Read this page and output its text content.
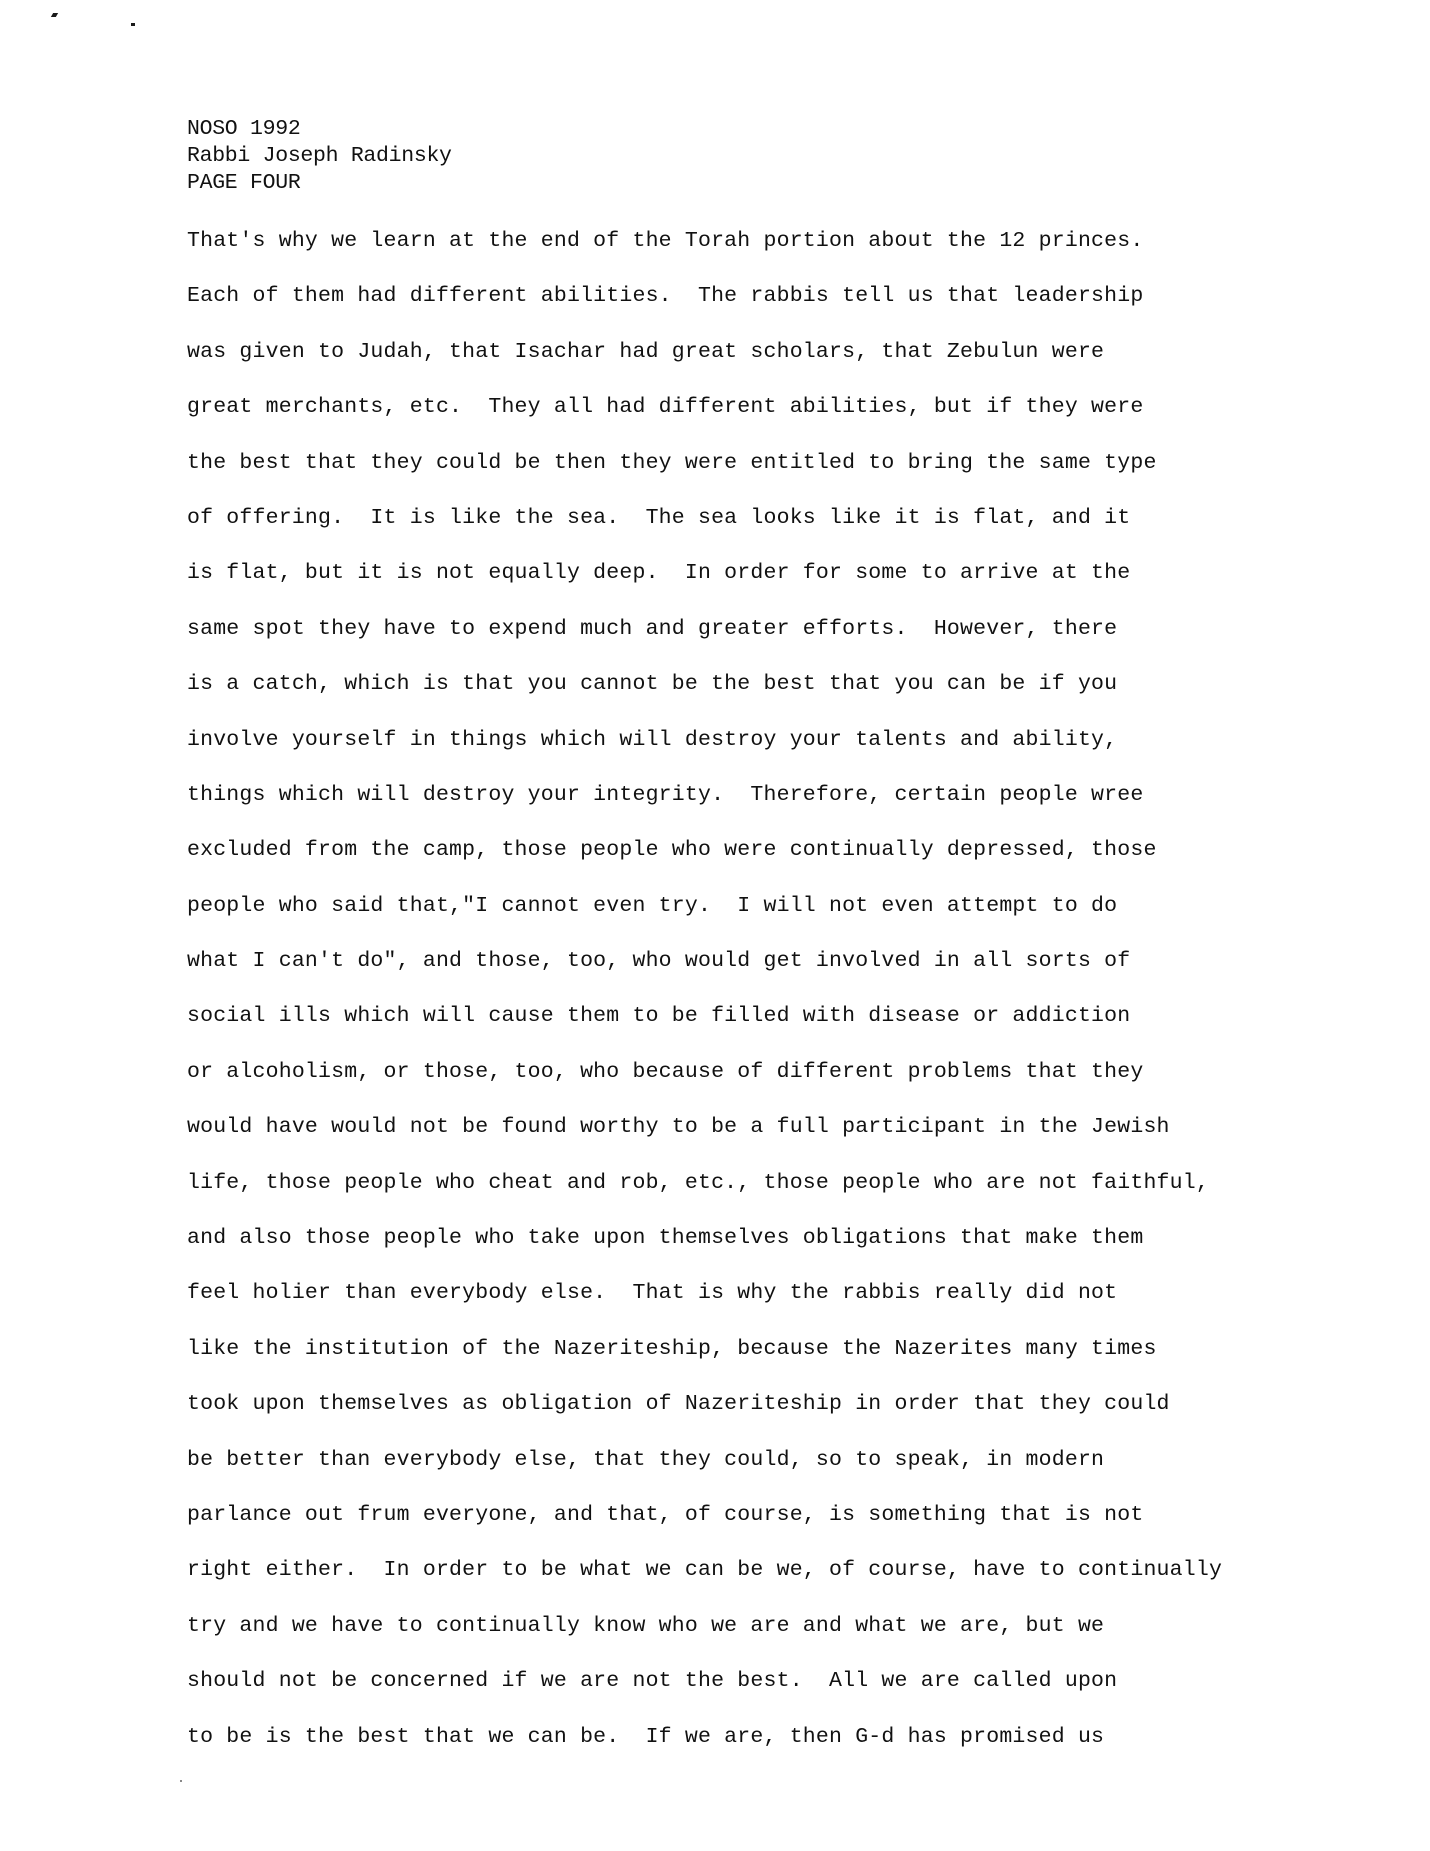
NOSO 1992
Rabbi Joseph Radinsky
PAGE FOUR
That's why we learn at the end of the Torah portion about the 12 princes.
Each of them had different abilities.  The rabbis tell us that leadership
was given to Judah, that Isachar had great scholars, that Zebulun were
great merchants, etc.  They all had different abilities, but if they were
the best that they could be then they were entitled to bring the same type
of offering.  It is like the sea.  The sea looks like it is flat, and it
is flat, but it is not equally deep.  In order for some to arrive at the
same spot they have to expend much and greater efforts.  However, there
is a catch, which is that you cannot be the best that you can be if you
involve yourself in things which will destroy your talents and ability,
things which will destroy your integrity.  Therefore, certain people wree
excluded from the camp, those people who were continually depressed, those
people who said that,"I cannot even try.  I will not even attempt to do
what I can't do", and those, too, who would get involved in all sorts of
social ills which will cause them to be filled with disease or addiction
or alcoholism, or those, too, who because of different problems that they
would have would not be found worthy to be a full participant in the Jewish
life, those people who cheat and rob, etc., those people who are not faithful,
and also those people who take upon themselves obligations that make them
feel holier than everybody else.  That is why the rabbis really did not
like the institution of the Nazeriteship, because the Nazerites many times
took upon themselves as obligation of Nazeriteship in order that they could
be better than everybody else, that they could, so to speak, in modern
parlance out frum everyone, and that, of course, is something that is not
right either.  In order to be what we can be we, of course, have to continually
try and we have to continually know who we are and what we are, but we
should not be concerned if we are not the best.  All we are called upon
to be is the best that we can be.  If we are, then G-d has promised us
